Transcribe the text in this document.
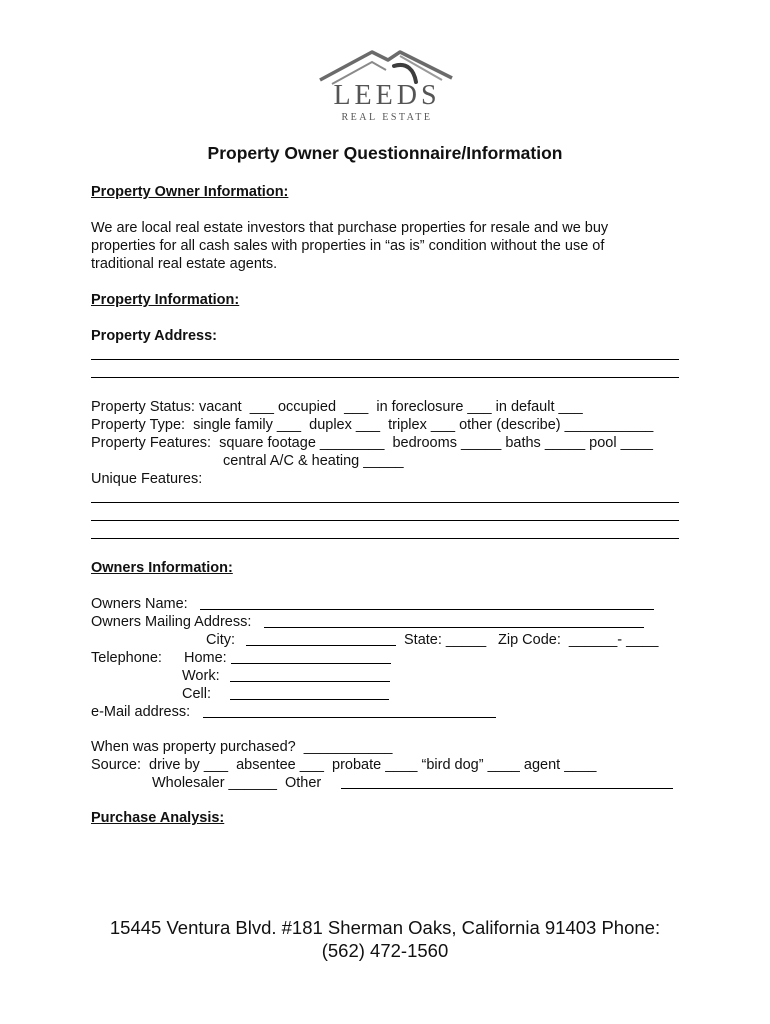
LEEDS
REAL ESTATE
Property Owner Questionnaire/Information
Property Owner Information:
We are local real estate investors that purchase properties for resale and we buy
properties for all cash sales with properties in “as is” condition without the use of
traditional real estate agents.
Property Information:
Property Address:
Property Status: vacant  ___ occupied  ___  in foreclosure ___ in default ___
Property Type:  single family ___  duplex ___  triplex ___ other (describe) ___________
Property Features:  square footage ________  bedrooms _____ baths _____ pool ____
central A/C & heating _____
Unique Features:
Owners Information:
Owners Name:
Owners Mailing Address:
City:	State: _____ Zip Code:  ______- ____
Telephone: Home:
Work:
Cell:
e-Mail address:
When was property purchased?  ___________
Source:  drive by ___  absentee ___  probate ____ “bird dog” ____ agent ____
Wholesaler ______  Other
Purchase Analysis:
15445 Ventura Blvd. #181 Sherman Oaks, California 91403 Phone:
(562) 472-1560
